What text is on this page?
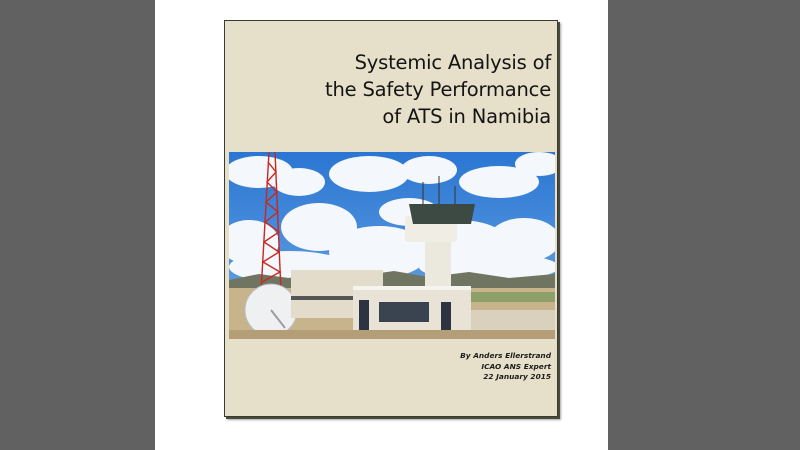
Systemic Analysis of
the Safety Performance
of ATS in Namibia
By Anders Ellerstrand
ICAO ANS Expert
22 January 2015
